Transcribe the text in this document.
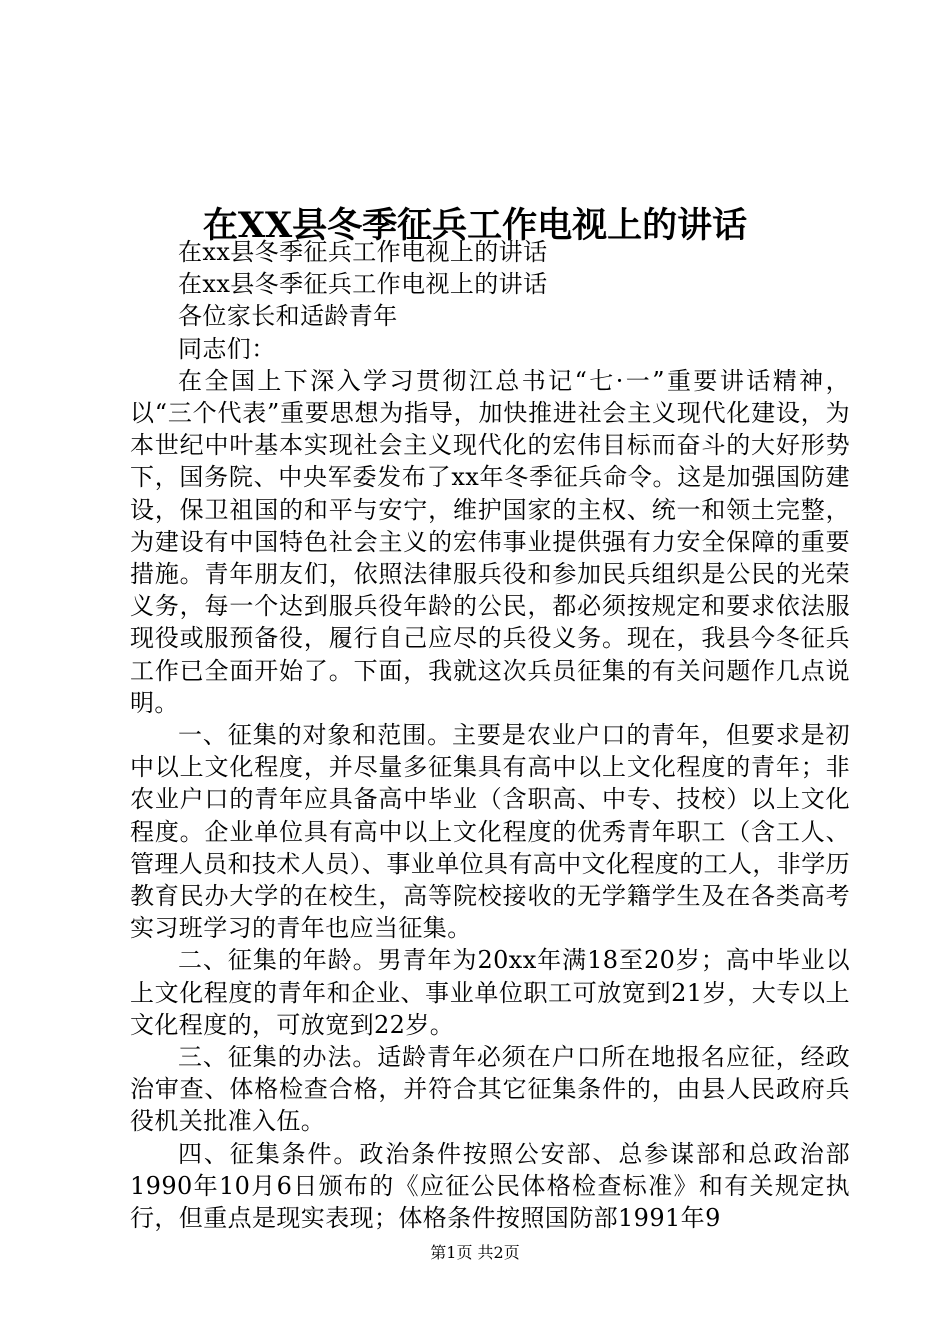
在XX县冬季征兵工作电视上的讲话

在xx县冬季征兵工作电视上的讲话

在xx县冬季征兵工作电视上的讲话

各位家长和适龄青年

同志们：

在全国上下深入学习贯彻江总书记“七·一”重要讲话精神，以“三个代表”重要思想为指导，加快推进社会主义现代化建设，为本世纪中叶基本实现社会主义现代化的宏伟目标而奋斗的大好形势下，国务院、中央军委发布了xx年冬季征兵命令。这是加强国防建设，保卫祖国的和平与安宁，维护国家的主权、统一和领土完整，为建设有中国特色社会主义的宏伟事业提供强有力安全保障的重要措施。青年朋友们，依照法律服兵役和参加民兵组织是公民的光荣义务，每一个达到服兵役年龄的公民，都必须按规定和要求依法服现役或服预备役，履行自己应尽的兵役义务。现在，我县今冬征兵工作已全面开始了。下面，我就这次兵员征集的有关问题作几点说明。

一、征集的对象和范围。主要是农业户口的青年，但要求是初中以上文化程度，并尽量多征集具有高中以上文化程度的青年；非农业户口的青年应具备高中毕业（含职高、中专、技校）以上文化程度。企业单位具有高中以上文化程度的优秀青年职工（含工人、管理人员和技术人员）、事业单位具有高中文化程度的工人，非学历教育民办大学的在校生，高等院校接收的无学籍学生及在各类高考实习班学习的青年也应当征集。

二、征集的年龄。男青年为20xx年满18至20岁；高中毕业以上文化程度的青年和企业、事业单位职工可放宽到21岁，大专以上文化程度的，可放宽到22岁。

三、征集的办法。适龄青年必须在户口所在地报名应征，经政治审查、体格检查合格，并符合其它征集条件的，由县人民政府兵役机关批准入伍。

四、征集条件。政治条件按照公安部、总参谋部和总政治部1990年10月6日颁布的《应征公民体格检查标准》和有关规定执行，但重点是现实表现；体格条件按照国防部1991年9

第1页 共2页
